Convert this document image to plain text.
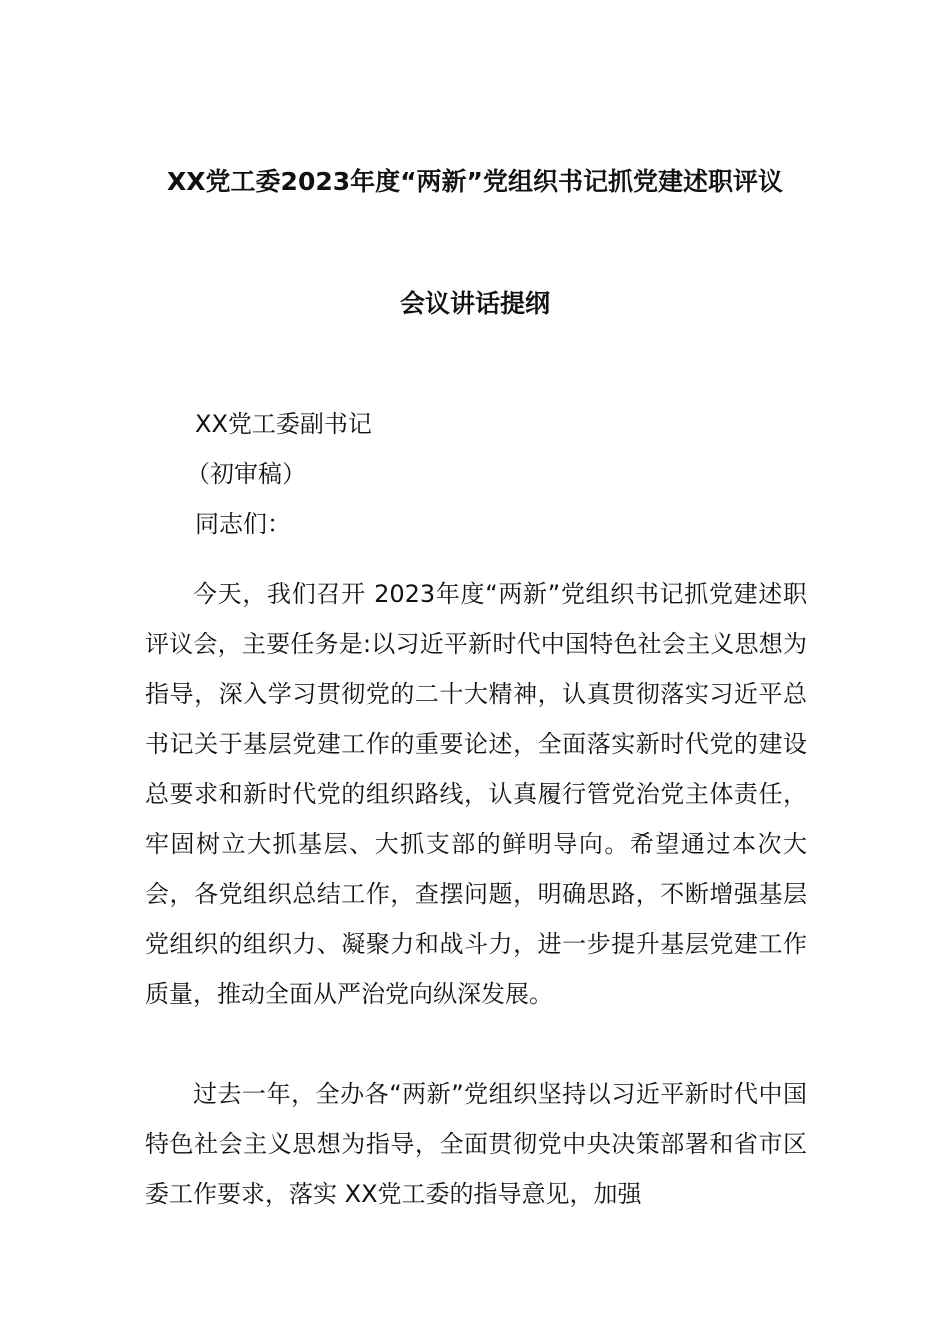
XX党工委2023年度“两新”党组织书记抓党建述职评议
会议讲话提纲
XX党工委副书记
（初审稿）
同志们：

今天，我们召开 2023年度“两新”党组织书记抓党建述职评议会，主要任务是:以习近平新时代中国特色社会主义思想为指导，深入学习贯彻党的二十大精神，认真贯彻落实习近平总书记关于基层党建工作的重要论述，全面落实新时代党的建设总要求和新时代党的组织路线，认真履行管党治党主体责任，牢固树立大抓基层、大抓支部的鲜明导向。希望通过本次大会，各党组织总结工作，查摆问题，明确思路，不断增强基层党组织的组织力、凝聚力和战斗力，进一步提升基层党建工作质量，推动全面从严治党向纵深发展。

过去一年，全办各“两新”党组织坚持以习近平新时代中国特色社会主义思想为指导，全面贯彻党中央决策部署和省市区委工作要求，落实 XX党工委的指导意见，加强
